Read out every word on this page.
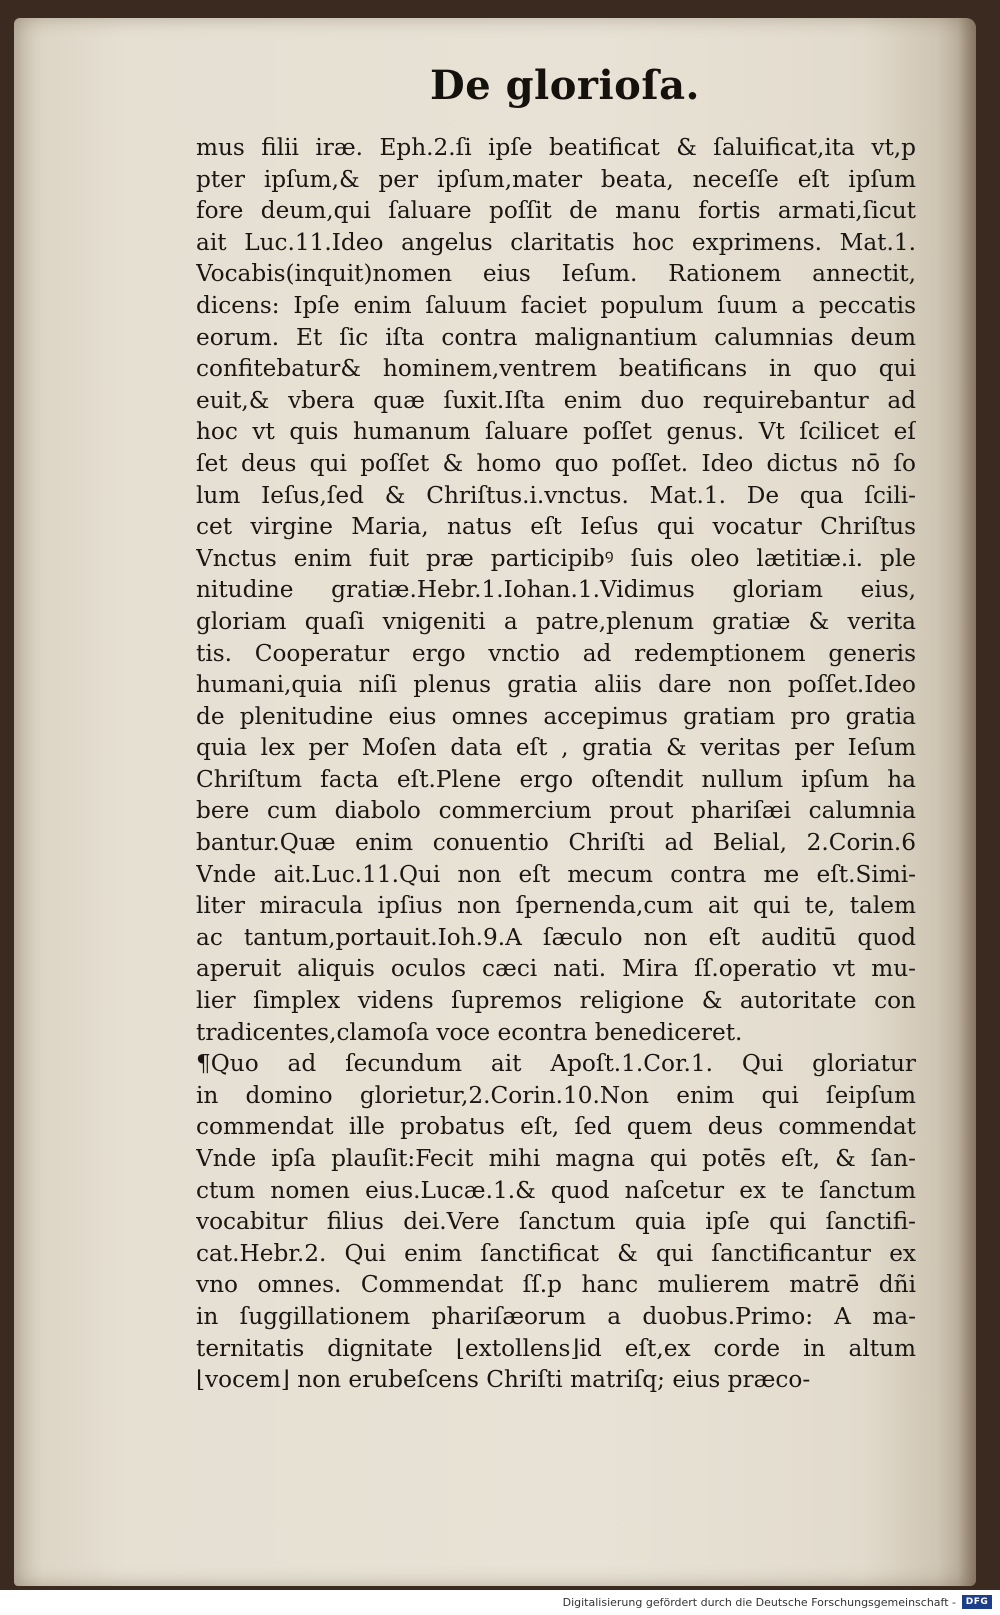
De glorioſa.
mus filii iræ. Eph.2.ſi ipſe beatificat & ſaluificat,ita vt,p
pter ipſum,& per ipſum,mater beata, neceſſe eſt ipſum
fore deum,qui ſaluare poſſit de manu fortis armati,ſicut
ait Luc.11.Ideo angelus claritatis hoc exprimens. Mat.1.
Vocabis(inquit)nomen eius Ieſum. Rationem annectit,
dicens: Ipſe enim ſaluum faciet populum ſuum a peccatis
eorum. Et ſic iſta contra malignantium calumnias deum
confitebatur& hominem,ventrem beatificans in quo qui
euit,& vbera quæ ſuxit.Iſta enim duo requirebantur ad
hoc vt quis humanum ſaluare poſſet genus. Vt ſcilicet eſ
ſet deus qui poſſet & homo quo poſſet. Ideo dictus nō ſo
lum Ieſus,ſed & Chriſtus.i.vnctus. Mat.1. De qua ſcili-
cet virgine Maria, natus eſt Ieſus qui vocatur Chriſtus
Vnctus enim fuit præ participibꝰ ſuis oleo lætitiæ.i. ple
nitudine gratiæ.Hebr.1.Iohan.1.Vidimus gloriam eius,
gloriam quaſi vnigeniti a patre,plenum gratiæ & verita
tis. Cooperatur ergo vnctio ad redemptionem generis
humani,quia niſi plenus gratia aliis dare non poſſet.Ideo
de plenitudine eius omnes accepimus gratiam pro gratia
quia lex per Moſen data eſt , gratia & veritas per Ieſum
Chriſtum facta eſt.Plene ergo oſtendit nullum ipſum ha
bere cum diabolo commercium prout phariſæi calumnia
bantur.Quæ enim conuentio Chriſti ad Belial, 2.Corin.6
Vnde ait.Luc.11.Qui non eſt mecum contra me eſt.Simi-
liter miracula ipſius non ſpernenda,cum ait qui te, talem
ac tantum,portauit.Ioh.9.A ſæculo non eſt auditū quod
aperuit aliquis oculos cæci nati. Mira ſſ.operatio vt mu-
lier ſimplex videns ſupremos religione & autoritate con
tradicentes,clamoſa voce econtra benediceret.
¶Quo ad ſecundum ait Apoſt.1.Cor.1. Qui gloriatur
in domino glorietur,2.Corin.10.Non enim qui ſeipſum
commendat ille probatus eſt, ſed quem deus commendat
Vnde ipſa plauſit:Fecit mihi magna qui potēs eſt, & ſan-
ctum nomen eius.Lucæ.1.& quod naſcetur ex te ſanctum
vocabitur filius dei.Vere ſanctum quia ipſe qui ſanctifi-
cat.Hebr.2. Qui enim ſanctificat & qui ſanctificantur ex
vno omnes. Commendat ſſ.p hanc mulierem matrē dñi
in ſuggillationem phariſæorum a duobus.Primo: A ma-
ternitatis dignitate ⌊extollens⌋id eſt,ex corde in altum
⌊vocem⌋ non erubeſcens Chriſti matriſq; eius præco-
Digitalisierung gefördert durch die Deutsche Forschungsgemeinschaft -	DFG
